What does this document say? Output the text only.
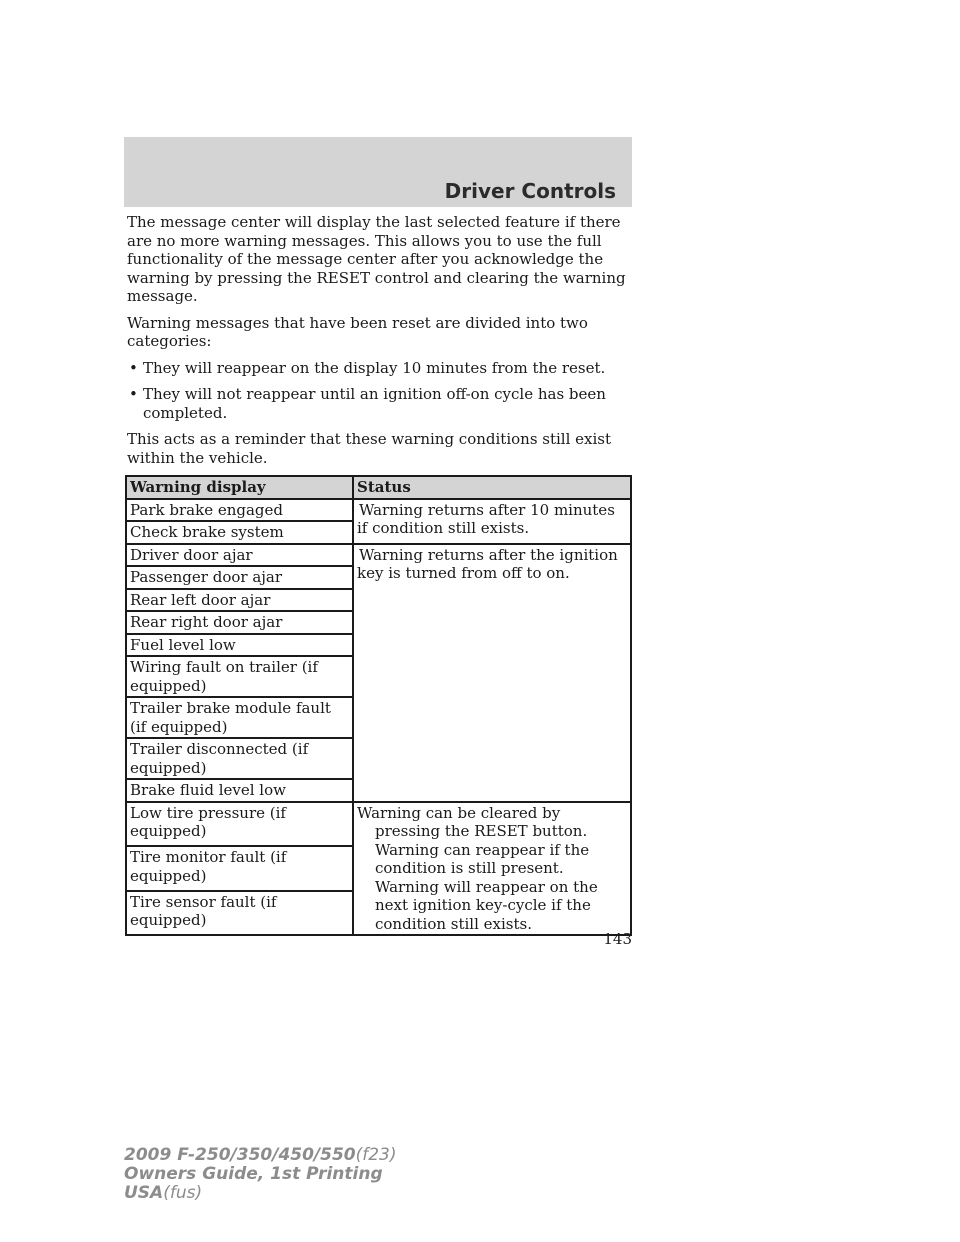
Driver Controls

The message center will display the last selected feature if there are no more warning messages. This allows you to use the full functionality of the message center after you acknowledge the warning by pressing the RESET control and clearing the warning message.

Warning messages that have been reset are divided into two categories:

• They will reappear on the display 10 minutes from the reset.
• They will not reappear until an ignition off-on cycle has been completed.

This acts as a reminder that these warning conditions still exist within the vehicle.

Warning display	Status
Park brake engaged	Warning returns after 10 minutes if condition still exists.
Check brake system	
Driver door ajar	Warning returns after the ignition key is turned from off to on.
Passenger door ajar	
Rear left door ajar	
Rear right door ajar	
Fuel level low	
Wiring fault on trailer (if equipped)	
Trailer brake module fault (if equipped)	
Trailer disconnected (if equipped)	
Brake fluid level low	
Low tire pressure (if equipped)	Warning can be cleared by pressing the RESET button. Warning can reappear if the condition is still present. Warning will reappear on the next ignition key-cycle if the condition still exists.

Tire monitor fault (if equipped)	
Tire sensor fault (if equipped)	
143
2009 F-250/350/450/550(f23)
Owners Guide, 1st Printing
USA(fus)
